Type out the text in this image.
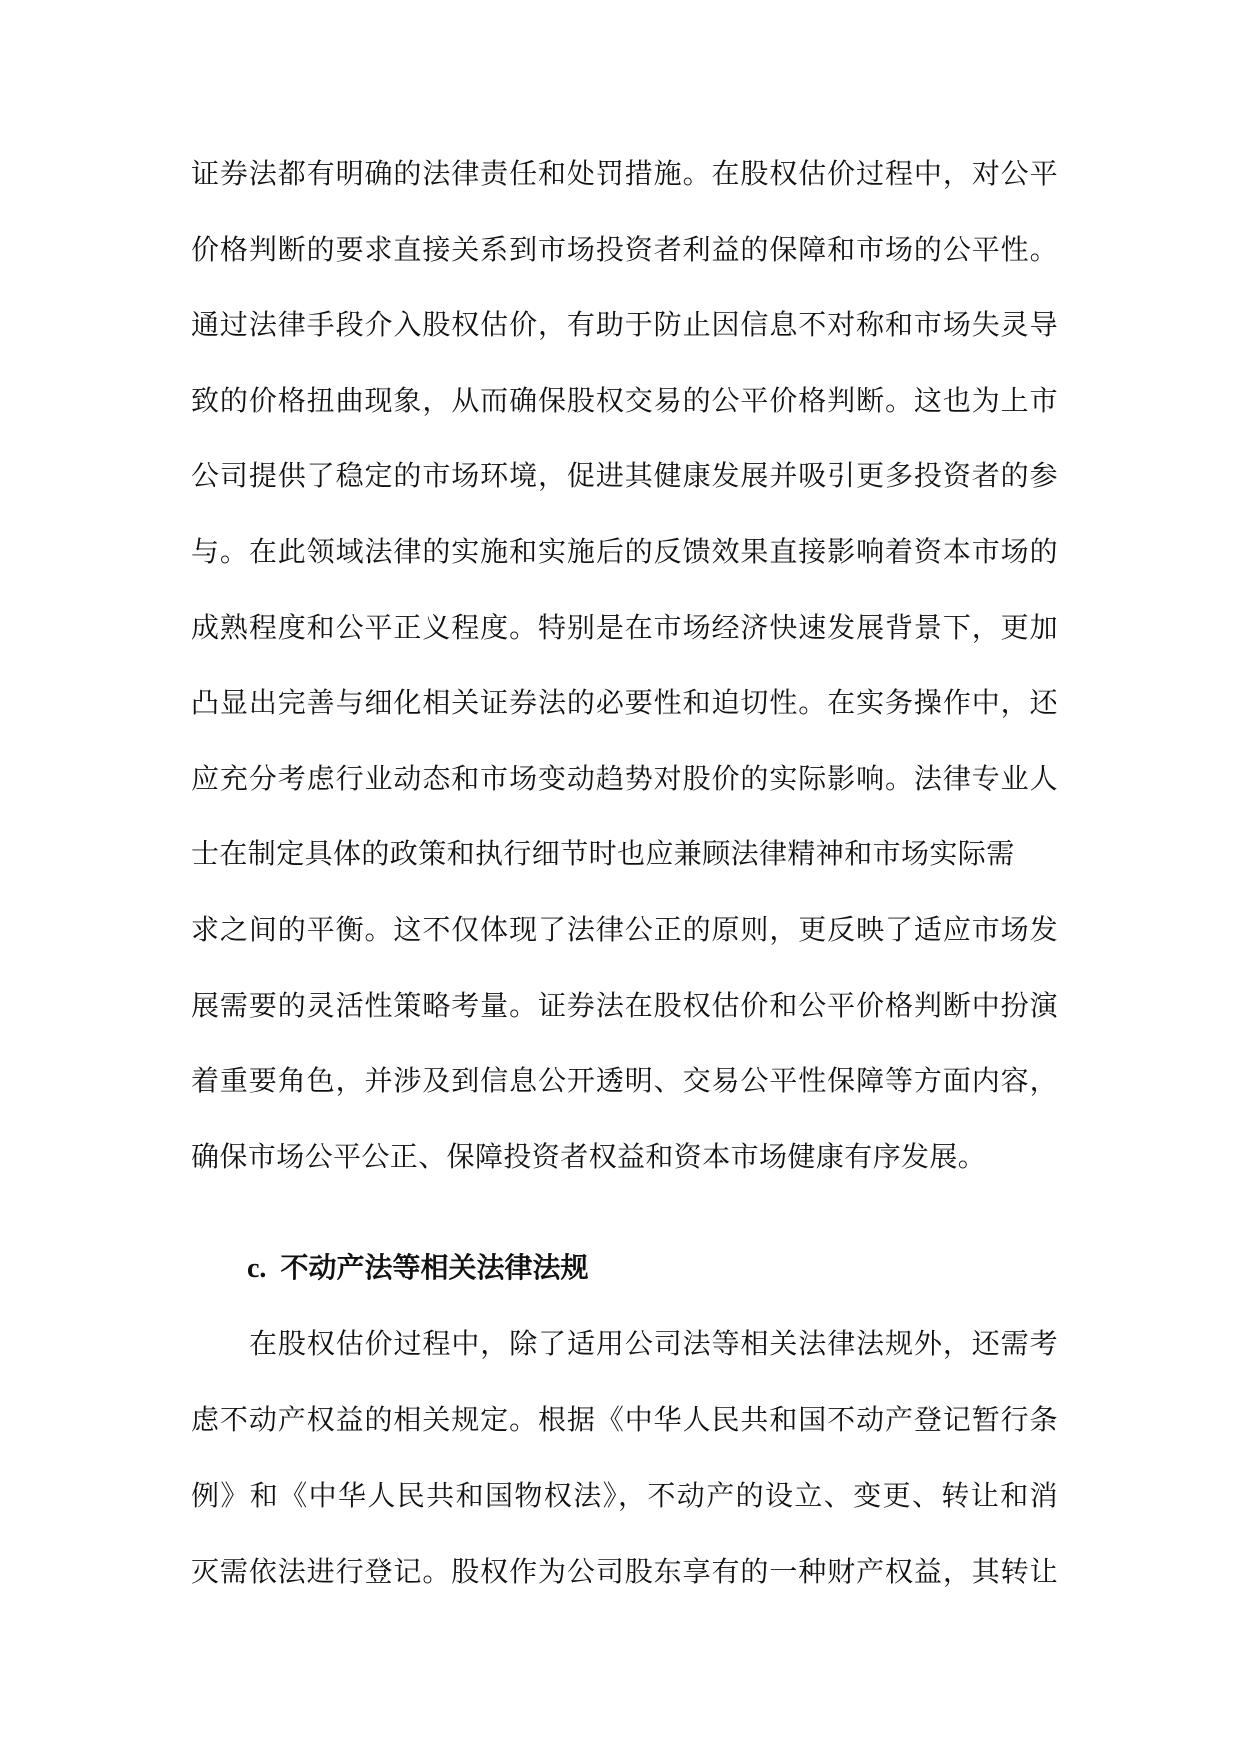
证券法都有明确的法律责任和处罚措施。在股权估价过程中，对公平
价格判断的要求直接关系到市场投资者利益的保障和市场的公平性。
通过法律手段介入股权估价，有助于防止因信息不对称和市场失灵导
致的价格扭曲现象，从而确保股权交易的公平价格判断。这也为上市
公司提供了稳定的市场环境，促进其健康发展并吸引更多投资者的参
与。在此领域法律的实施和实施后的反馈效果直接影响着资本市场的
成熟程度和公平正义程度。特别是在市场经济快速发展背景下，更加
凸显出完善与细化相关证券法的必要性和迫切性。在实务操作中，还
应充分考虑行业动态和市场变动趋势对股价的实际影响。法律专业人
士在制定具体的政策和执行细节时也应兼顾法律精神和市场实际需
求之间的平衡。这不仅体现了法律公正的原则，更反映了适应市场发
展需要的灵活性策略考量。证券法在股权估价和公平价格判断中扮演
着重要角色，并涉及到信息公开透明、交易公平性保障等方面内容，
确保市场公平公正、保障投资者权益和资本市场健康有序发展。
c. 不动产法等相关法律法规
在股权估价过程中，除了适用公司法等相关法律法规外，还需考
虑不动产权益的相关规定。根据《中华人民共和国不动产登记暂行条
例》和《中华人民共和国物权法》，不动产的设立、变更、转让和消
灭需依法进行登记。股权作为公司股东享有的一种财产权益，其转让
